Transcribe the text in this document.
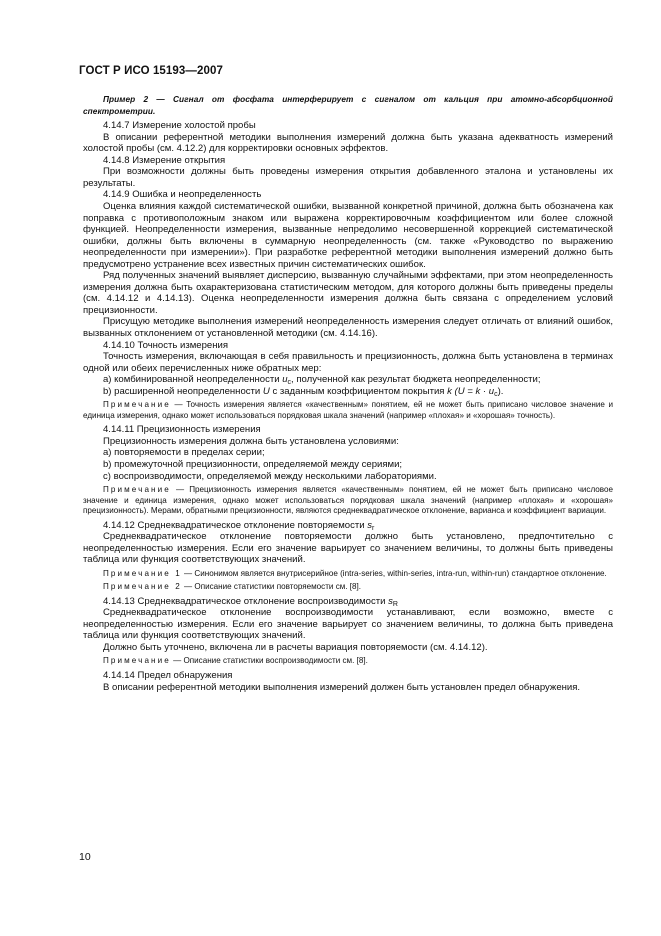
ГОСТ Р ИСО 15193—2007

Пример 2 — Сигнал от фосфата интерферирует с сигналом от кальция при атомно-абсорбционной спектрометрии.

4.14.7 Измерение холостой пробы

В описании референтной методики выполнения измерений должна быть указана адекватность измерений холостой пробы (см. 4.12.2) для корректировки основных эффектов.

4.14.8 Измерение открытия

При возможности должны быть проведены измерения открытия добавленного эталона и установлены их результаты.

4.14.9 Ошибка и неопределенность

Оценка влияния каждой систематической ошибки, вызванной конкретной причиной, должна быть обозначена как поправка с противоположным знаком или выражена корректировочным коэффициентом или более сложной функцией. Неопределенности измерения, вызванные непредолимо несовершенной коррекцией систематической ошибки, должны быть включены в суммарную неопределенность (см. также «Руководство по выражению неопределенности при измерении»). При разработке референтной методики выполнения измерений должно быть предусмотрено устранение всех известных причин систематических ошибок.

Ряд полученных значений выявляет дисперсию, вызванную случайными эффектами, при этом неопределенность измерения должна быть охарактеризована статистическим методом, для которого должны быть приведены пределы (см. 4.14.12 и 4.14.13). Оценка неопределенности измерения должна быть связана с определением условий прецизионности.

Присущую методике выполнения измерений неопределенность измерения следует отличать от влияний ошибок, вызванных отклонением от установленной методики (см. 4.14.16).

4.14.10 Точность измерения

Точность измерения, включающая в себя правильность и прецизионность, должна быть установлена в терминах одной или обеих перечисленных ниже обратных мер:

a) комбинированной неопределенности $u_c$, полученной как результат бюджета неопределенности;

b) расширенной неопределенности U с заданным коэффициентом покрытия k $(U = k \cdot u_c)$.

Примечание — Точность измерения является «качественным» понятием, ей не может быть приписано числовое значение и единица измерения, однако может использоваться порядковая шкала значений (например «плохая» и «хорошая» точность).

4.14.11 Прецизионность измерения

Прецизионность измерения должна быть установлена условиями:

a) повторяемости в пределах серии;

b) промежуточной прецизионности, определяемой между сериями;

c) воспроизводимости, определяемой между несколькими лабораториями.

Примечание — Прецизионность измерения является «качественным» понятием, ей не может быть приписано числовое значение и единица измерения, однако может использоваться порядковая шкала значений (например «плохая» и «хорошая» прецизионность). Мерами, обратными прецизионности, являются среднеквадратическое отклонение, варианса и коэффициент вариации.

4.14.12 Среднеквадратическое отклонение повторяемости $s_r$

Среднеквадратическое отклонение повторяемости должно быть установлено, предпочтительно с неопределенностью измерения. Если его значение варьирует со значением величины, то должны быть приведены таблица или функция соответствующих значений.

Примечание 1 — Синонимом является внутрисерийное (intra-series, within-series, intra-run, within-run) стандартное отклонение.

Примечание 2 — Описание статистики повторяемости см. [8].

4.14.13 Среднеквадратическое отклонение воспроизводимости $s_R$

Среднеквадратическое отклонение воспроизводимости устанавливают, если возможно, вместе с неопределенностью измерения. Если его значение варьирует со значением величины, то должна быть приведена таблица или функция соответствующих значений.

Должно быть уточнено, включена ли в расчеты вариация повторяемости (см. 4.14.12).

Примечание — Описание статистики воспроизводимости см. [8].

4.14.14 Предел обнаружения

В описании референтной методики выполнения измерений должен быть установлен предел обнаружения.

10
